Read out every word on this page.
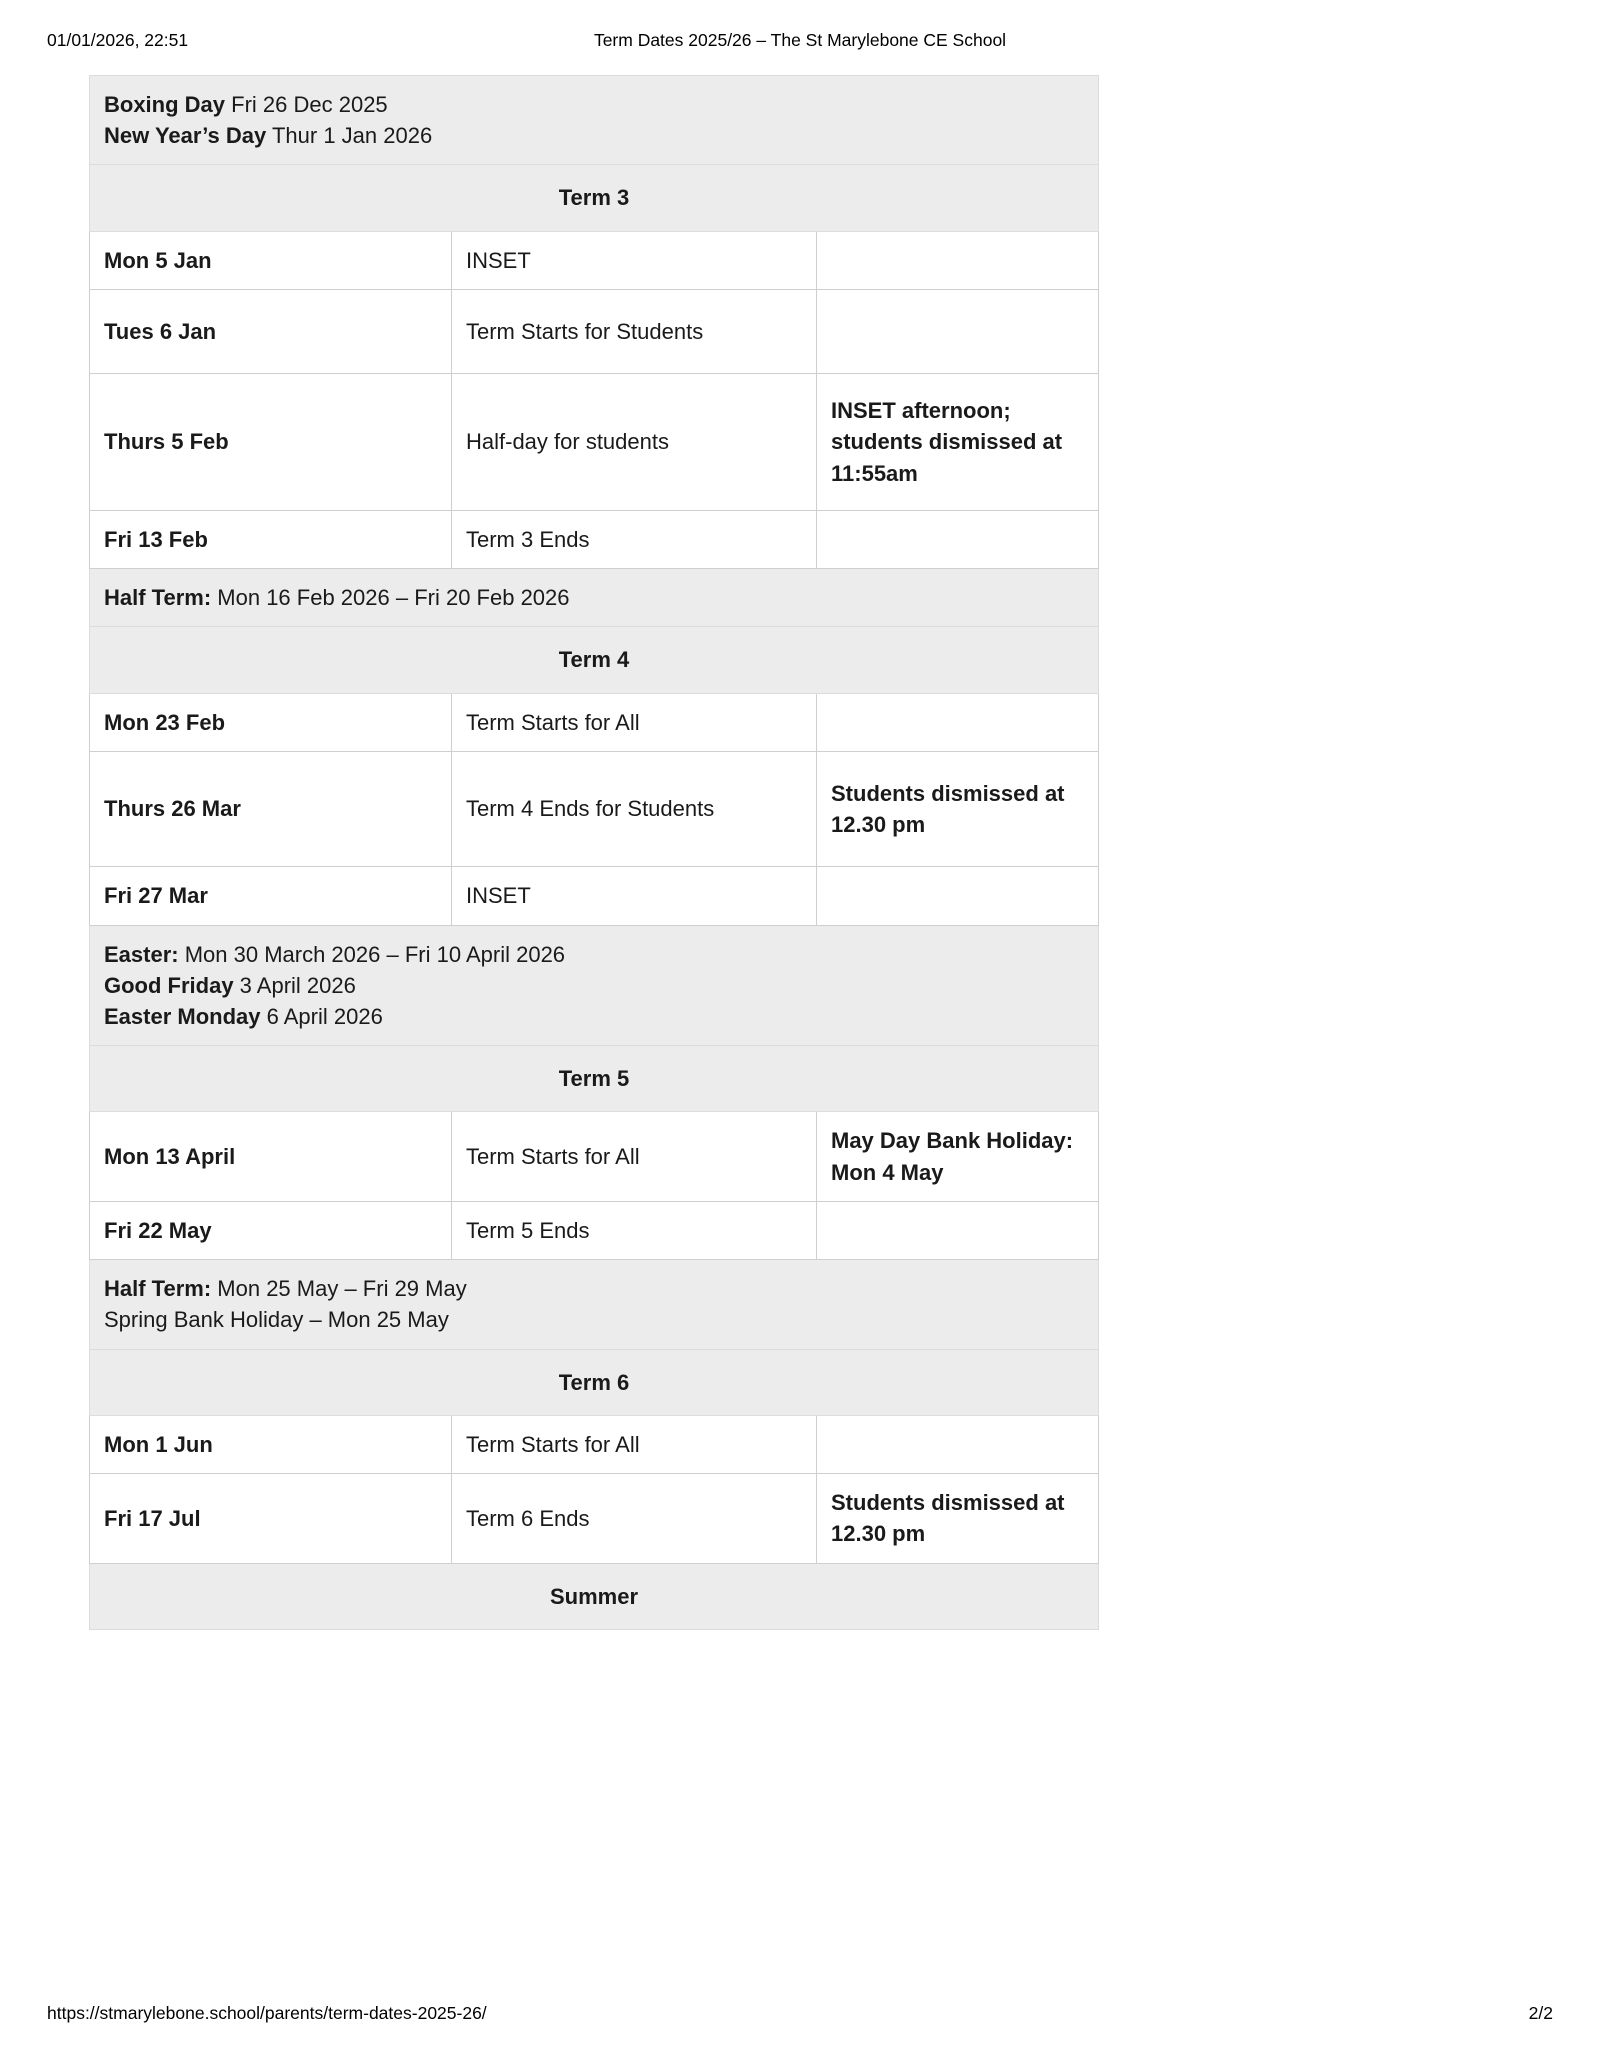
01/01/2026, 22:51	Term Dates 2025/26 – The St Marylebone CE School
Boxing Day Fri 26 Dec 2025
New Year’s Day Thur 1 Jan 2026		

Term 3		
Mon 5 Jan	INSET	
Tues 6 Jan	Term Starts for Students	
Thurs 5 Feb	Half-day for students	INSET afternoon; students dismissed at 11:55am
Fri 13 Feb	Term 3 Ends	

Half Term: Mon 16 Feb 2026 – Fri 20 Feb 2026		

Term 4		
Mon 23 Feb	Term Starts for All	
Thurs 26 Mar	Term 4 Ends for Students	Students dismissed at 12.30 pm
Fri 27 Mar	INSET	

Easter: Mon 30 March 2026 – Fri 10 April 2026
Good Friday 3 April 2026
Easter Monday 6 April 2026		

Term 5		
Mon 13 April	Term Starts for All	May Day Bank Holiday: Mon 4 May
Fri 22 May	Term 5 Ends	

Half Term: Mon 25 May – Fri 29 May
Spring Bank Holiday – Mon 25 May		

Term 6		
Mon 1 Jun	Term Starts for All	
Fri 17 Jul	Term 6 Ends	Students dismissed at 12.30 pm
Summer		
https://stmarylebone.school/parents/term-dates-2025-26/	2/2
